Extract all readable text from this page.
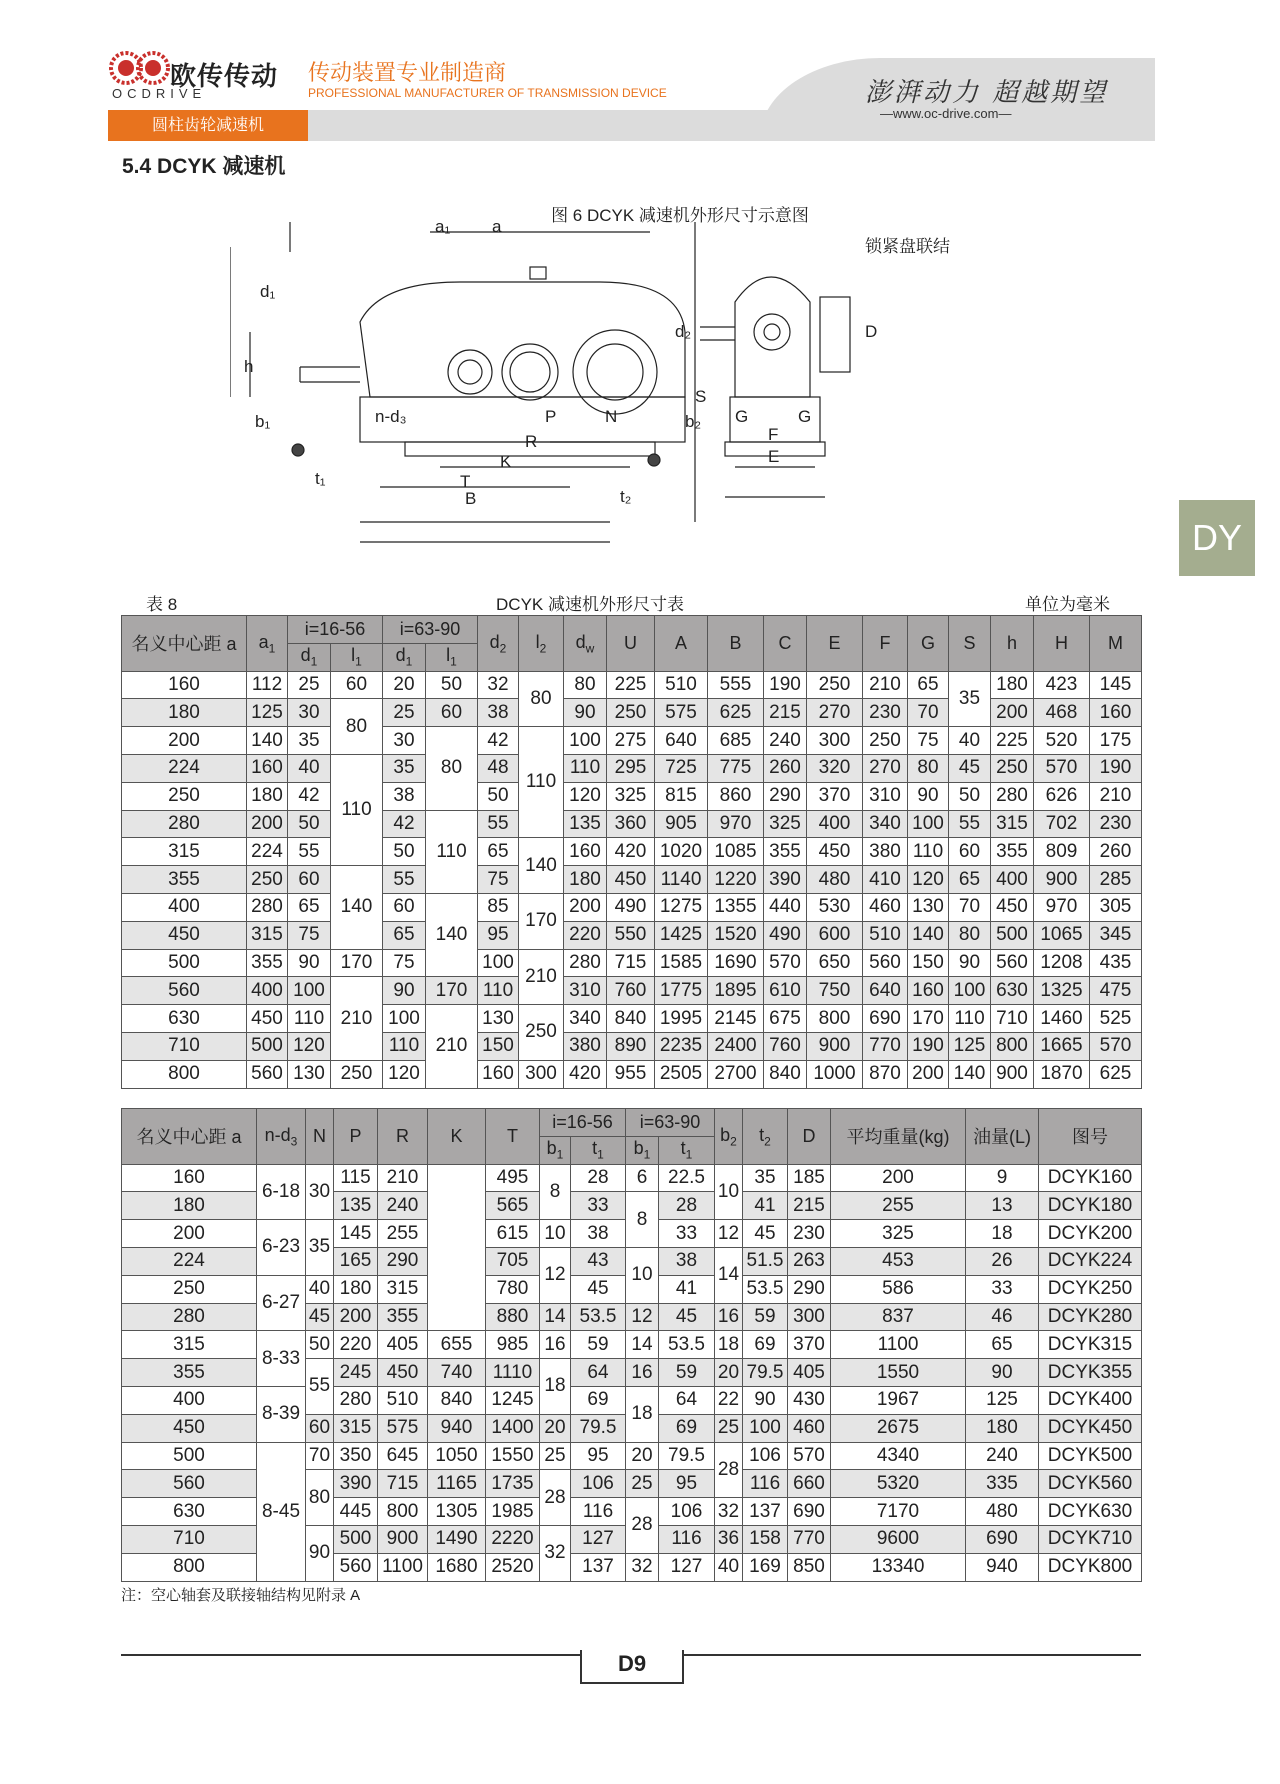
欧传传动
OCDRIVE
传动装置专业制造商
PROFESSIONAL MANUFACTURER OF TRANSMISSION DEVICE
圆柱齿轮减速机
澎湃动力 超越期望
—www.oc-drive.com—
5.4 DCYK 减速机
图 6 DCYK 减速机外形尺寸示意图
a₁ a
d₁
h
n-d₃	P	N
R
K
T
B
b₁
t₁
锁紧盘联结
d₂	D
S
b₂ G	G
F
E
t₂
表 8	DCYK 减速机外形尺寸表	单位为毫米
名义中心距 a	$a_1$	i=16-56		i=63-90		$d_2$	$l_2$	$d_w$	U	A	B	C	E	F	G	S	h	H	M
		$d_1$	$l_1$	$d_1$	$l_1$
160	112	25	60	20	50	32	80	80	225	510	555	190	250	210	65	35	180	423	145
180	125	30	80	25	60	38		90	250	575	625	215	270	230	70		200	468	160
200	140	35		30	80	42	110	100	275	640	685	240	300	250	75	40	225	520	175
224	160	40	110	35		48		110	295	725	775	260	320	270	80	45	250	570	190
250	180	42		38		50		120	325	815	860	290	370	310	90	50	280	626	210
280	200	50		42	110	55		135	360	905	970	325	400	340	100	55	315	702	230
315	224	55		50		65	140	160	420	1020	1085	355	450	380	110	60	355	809	260
355	250	60	140	55		75		180	450	1140	1220	390	480	410	120	65	400	900	285
400	280	65		60	140	85	170	200	490	1275	1355	440	530	460	130	70	450	970	305
450	315	75		65		95		220	550	1425	1520	490	600	510	140	80	500	1065	345
500	355	90	170	75		100	210	280	715	1585	1690	570	650	560	150	90	560	1208	435
560	400	100	210	90	170	110		310	760	1775	1895	610	750	640	160	100	630	1325	475
630	450	110		100	210	130	250	340	840	1995	2145	675	800	690	170	110	710	1460	525
710	500	120		110		150		380	890	2235	2400	760	900	770	190	125	800	1665	570
800	560	130	250	120		160	300	420	955	2505	2700	840	1000	870	200	140	900	1870	625
名义中心距 a	$n-d_3$	N	P	R	K	T	i=16-56		i=63-90		$b_2$	$t_2$	D	平均重量(kg)	油量(L)	图号
							$b_1$	$t_1$	$b_1$	$t_1$
160	6-18	30	115	210		495	8	28	6	22.5	10	35	185	200	9	DCYK160
180			135	240		565		33	8	28		41	215	255	13	DCYK180
200	6-23	35	145	255		615	10	38		33	12	45	230	325	18	DCYK200
224			165	290		705	12	43	10	38	14	51.5	263	453	26	DCYK224
250	6-27	40	180	315		780		45		41		53.5	290	586	33	DCYK250
280		45	200	355		880	14	53.5	12	45	16	59	300	837	46	DCYK280
315	8-33	50	220	405	655	985	16	59	14	53.5	18	69	370	1100	65	DCYK315
355		55	245	450	740	1110	18	64	16	59	20	79.5	405	1550	90	DCYK355
400	8-39		280	510	840	1245		69	18	64	22	90	430	1967	125	DCYK400
450		60	315	575	940	1400	20	79.5		69	25	100	460	2675	180	DCYK450
500	8-45	70	350	645	1050	1550	25	95	20	79.5	28	106	570	4340	240	DCYK500
560		80	390	715	1165	1735	28	106	25	95		116	660	5320	335	DCYK560
630			445	800	1305	1985		116	28	106	32	137	690	7170	480	DCYK630
710		90	500	900	1490	2220	32	127		116	36	158	770	9600	690	DCYK710
800			560	1100	1680	2520		137	32	127	40	169	850	13340	940	DCYK800
注：空心轴套及联接轴结构见附录 A
D9
DY
